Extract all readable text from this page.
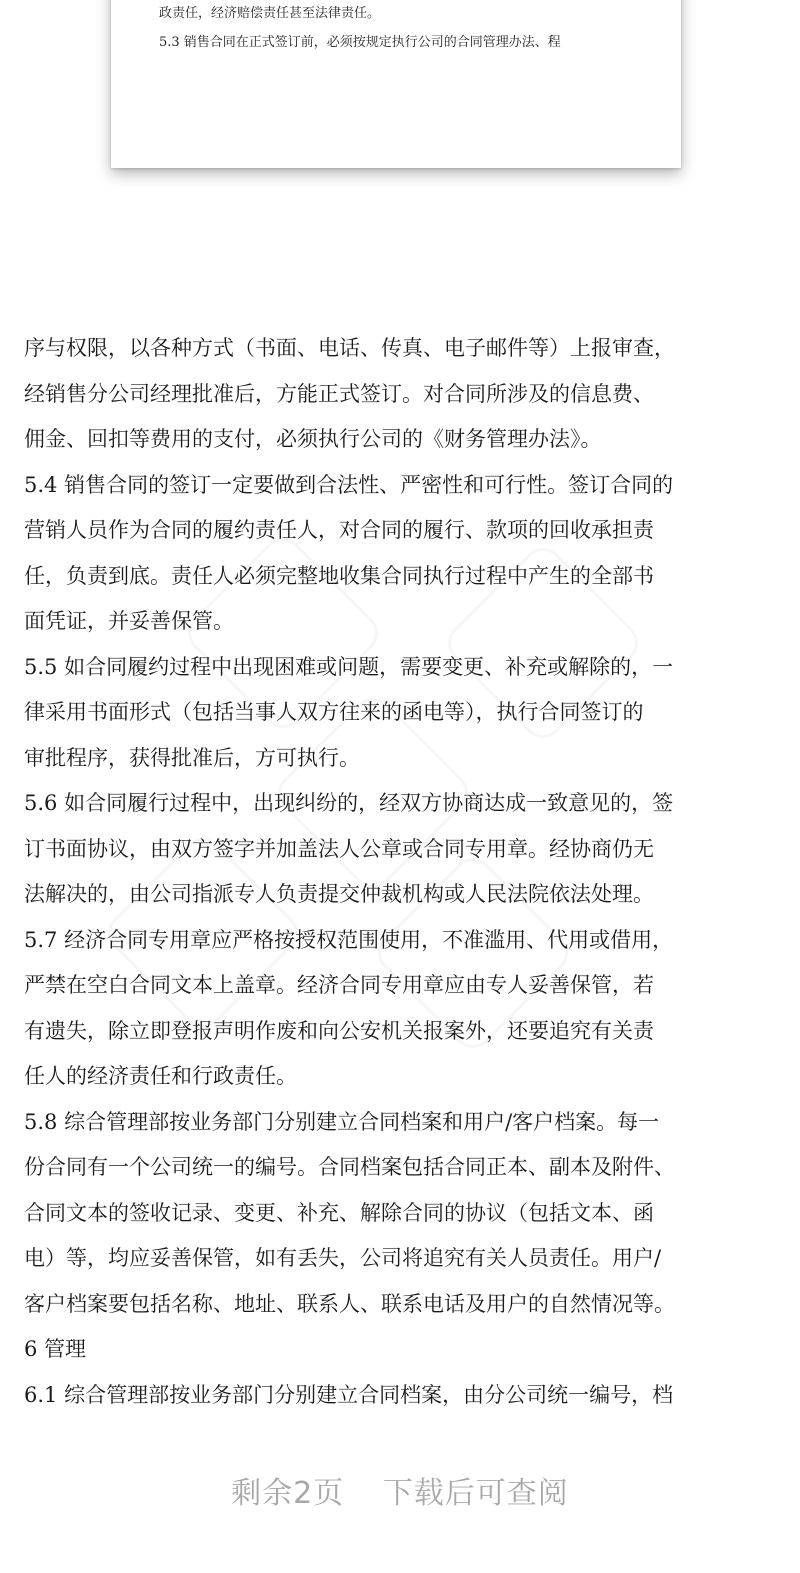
政责任，经济赔偿责任甚至法律责任。
5.3 销售合同在正式签订前，必须按规定执行公司的合同管理办法、程
序与权限，以各种方式（书面、电话、传真、电子邮件等）上报审查，
经销售分公司经理批准后，方能正式签订。对合同所涉及的信息费、
佣金、回扣等费用的支付，必须执行公司的《财务管理办法》。
5.4 销售合同的签订一定要做到合法性、严密性和可行性。签订合同的
营销人员作为合同的履约责任人，对合同的履行、款项的回收承担责
任，负责到底。责任人必须完整地收集合同执行过程中产生的全部书
面凭证，并妥善保管。
5.5 如合同履约过程中出现困难或问题，需要变更、补充或解除的，一
律采用书面形式（包括当事人双方往来的函电等），执行合同签订的
审批程序，获得批准后，方可执行。
5.6 如合同履行过程中，出现纠纷的，经双方协商达成一致意见的，签
订书面协议，由双方签字并加盖法人公章或合同专用章。经协商仍无
法解决的，由公司指派专人负责提交仲裁机构或人民法院依法处理。
5.7 经济合同专用章应严格按授权范围使用，不准滥用、代用或借用，
严禁在空白合同文本上盖章。经济合同专用章应由专人妥善保管，若
有遗失，除立即登报声明作废和向公安机关报案外，还要追究有关责
任人的经济责任和行政责任。
5.8 综合管理部按业务部门分别建立合同档案和用户/客户档案。每一
份合同有一个公司统一的编号。合同档案包括合同正本、副本及附件、
合同文本的签收记录、变更、补充、解除合同的协议（包括文本、函
电）等，均应妥善保管，如有丢失，公司将追究有关人员责任。用户/
客户档案要包括名称、地址、联系人、联系电话及用户的自然情况等。
6 管理
6.1 综合管理部按业务部门分别建立合同档案，由分公司统一编号，档
剩余2页 下载后可查阅
